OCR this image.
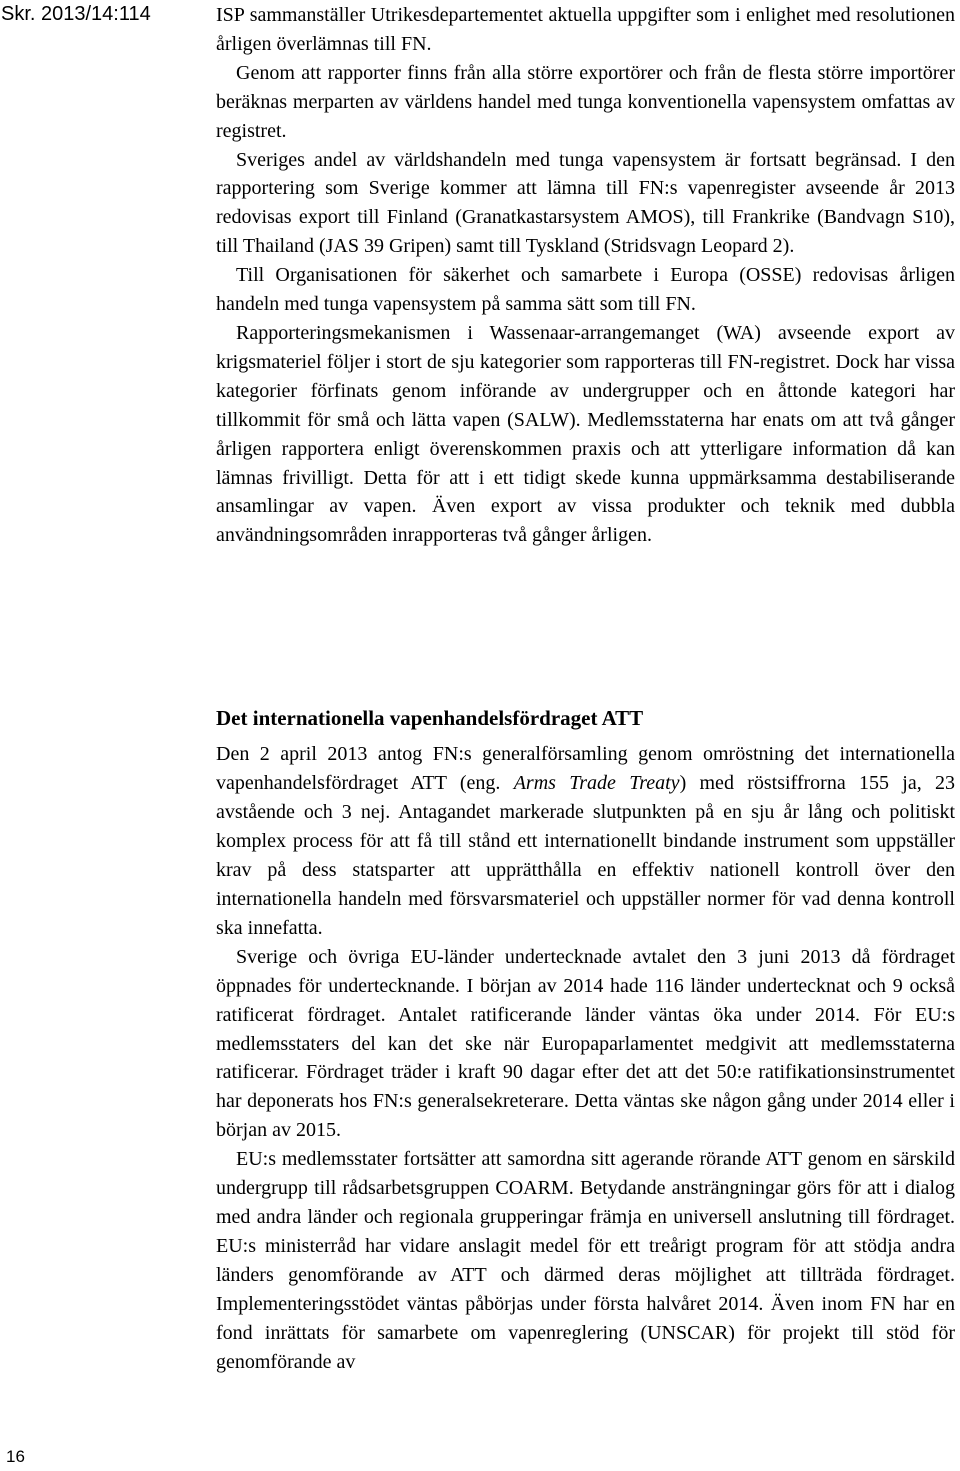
Skr. 2013/14:114	ISP sammanställer Utrikesdepartementet aktuella uppgifter som i enlighet med resolutionen årligen överlämnas till FN.

Genom att rapporter finns från alla större exportörer och från de flesta större importörer beräknas merparten av världens handel med tunga konventionella vapensystem omfattas av registret.

Sveriges andel av världshandeln med tunga vapensystem är fortsatt begränsad. I den rapportering som Sverige kommer att lämna till FN:s vapenregister avseende år 2013 redovisas export till Finland (Granatkastarsystem AMOS), till Frankrike (Bandvagn S10), till Thailand (JAS 39 Gripen) samt till Tyskland (Stridsvagn Leopard 2).

Till Organisationen för säkerhet och samarbete i Europa (OSSE) redovisas årligen handeln med tunga vapensystem på samma sätt som till FN.

Rapporteringsmekanismen i Wassenaar-arrangemanget (WA) avseende export av krigsmateriel följer i stort de sju kategorier som rapporteras till FN-registret. Dock har vissa kategorier förfinats genom införande av undergrupper och en åttonde kategori har tillkommit för små och lätta vapen (SALW). Medlemsstaterna har enats om att två gånger årligen rapportera enligt överenskommen praxis och att ytterligare information då kan lämnas frivilligt. Detta för att i ett tidigt skede kunna uppmärksamma destabiliserande ansamlingar av vapen. Även export av vissa produkter och teknik med dubbla användningsområden inrapporteras två gånger årligen.

Det internationella vapenhandelsfördraget ATT

Den 2 april 2013 antog FN:s generalförsamling genom omröstning det internationella vapenhandelsfördraget ATT (eng. Arms Trade Treaty) med röstsiffrorna 155 ja, 23 avstående och 3 nej. Antagandet markerade slutpunkten på en sju år lång och politiskt komplex process för att få till stånd ett internationellt bindande instrument som uppställer krav på dess statsparter att upprätthålla en effektiv nationell kontroll över den internationella handeln med försvarsmateriel och uppställer normer för vad denna kontroll ska innefatta.

Sverige och övriga EU-länder undertecknade avtalet den 3 juni 2013 då fördraget öppnades för undertecknande. I början av 2014 hade 116 länder undertecknat och 9 också ratificerat fördraget. Antalet ratificerande länder väntas öka under 2014. För EU:s medlemsstaters del kan det ske när Europaparlamentet medgivit att medlemsstaterna ratificerar. Fördraget träder i kraft 90 dagar efter det att det 50:e ratifikationsinstrumentet har deponerats hos FN:s generalsekreterare. Detta väntas ske någon gång under 2014 eller i början av 2015.

EU:s medlemsstater fortsätter att samordna sitt agerande rörande ATT genom en särskild undergrupp till rådsarbetsgruppen COARM. Betydande ansträngningar görs för att i dialog med andra länder och regionala grupperingar främja en universell anslutning till fördraget. EU:s ministerråd har vidare anslagit medel för ett treårigt program för att stödja andra länders genomförande av ATT och därmed deras möjlighet att tillträda fördraget. Implementeringsstödet väntas påbörjas under första halvåret 2014. Även inom FN har en fond inrättats för samarbete om vapenreglering (UNSCAR) för projekt till stöd för genomförande av

16
